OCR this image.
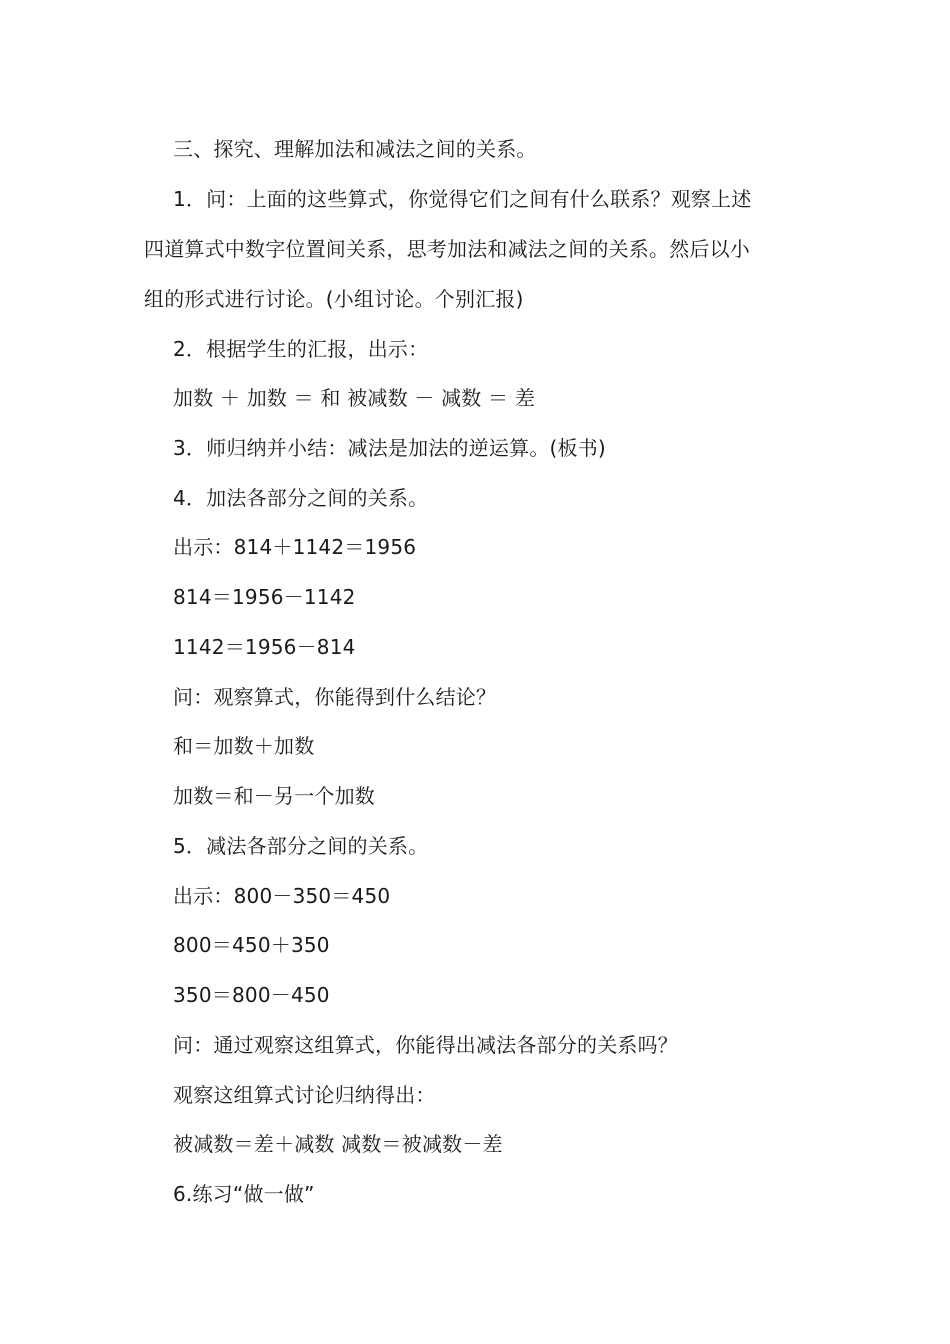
三、探究、理解加法和减法之间的关系。
1．问：上面的这些算式，你觉得它们之间有什么联系？观察上述
四道算式中数字位置间关系，思考加法和减法之间的关系。然后以小
组的形式进行讨论。(小组讨论。个别汇报)
2．根据学生的汇报，出示：
加数 ＋ 加数 ＝ 和 被减数 － 减数 ＝ 差
3．师归纳并小结：减法是加法的逆运算。(板书)
4．加法各部分之间的关系。
出示：814＋1142＝1956
814＝1956－1142
1142＝1956－814
问：观察算式，你能得到什么结论？
和＝加数＋加数
加数＝和－另一个加数
5．减法各部分之间的关系。
出示：800－350＝450
800＝450＋350
350＝800－450
问：通过观察这组算式，你能得出减法各部分的关系吗？
观察这组算式讨论归纳得出：
被减数＝差＋减数 减数＝被减数－差
6.练习“做一做”
